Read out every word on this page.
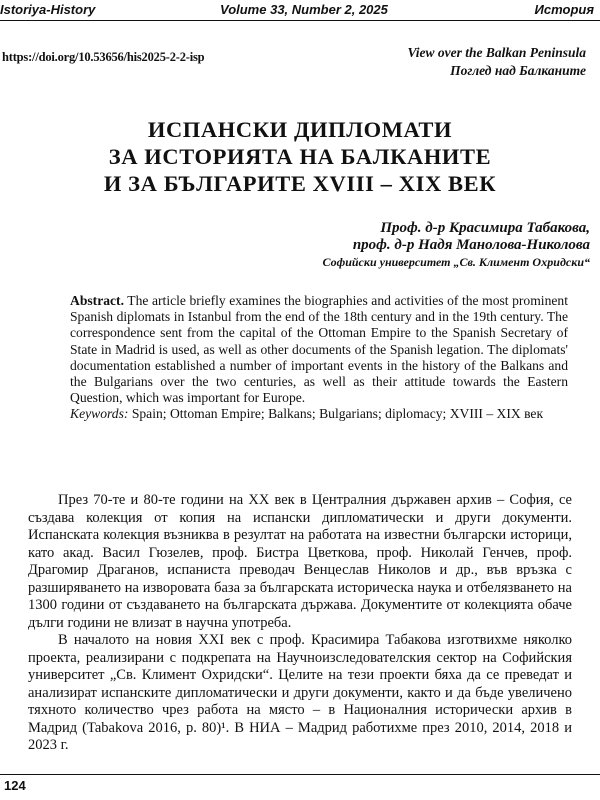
Istoriya-History	Volume 33, Number 2, 2025	История
https://doi.org/10.53656/his2025-2-2-isp	View over the Balkan Peninsula
Поглед над Балканите
ИСПАНСКИ ДИПЛОМАТИ
ЗА ИСТОРИЯТА НА БАЛКАНИТЕ
И ЗА БЪЛГАРИТЕ XVIII – XIX ВЕК
Проф. д-р Красимира Табакова,
проф. д-р Надя Манолова-Николова
Софийски университет „Св. Климент Охридски“
Abstract. The article briefly examines the biographies and activities of the most prominent Spanish diplomats in Istanbul from the end of the 18th century and in the 19th century. The correspondence sent from the capital of the Ottoman Empire to the Spanish Secretary of State in Madrid is used, as well as other documents of the Spanish legation. The diplomats' documentation established a number of important events in the history of the Balkans and the Bulgarians over the two centuries, as well as their attitude towards the Eastern Question, which was important for Europe.
Keywords: Spain; Ottoman Empire; Balkans; Bulgarians; diplomacy; XVIII – XIX век

През 70-те и 80-те години на XX век в Централния държавен архив – София, се създава колекция от копия на испански дипломатически и други документи. Испанската колекция възниква в резултат на работата на известни български историци, като акад. Васил Гюзелев, проф. Бистра Цветкова, проф. Николай Генчев, проф. Драгомир Драганов, испаниста преводач Венцеслав Николов и др., във връзка с разширяването на изворовата база за българската историческа наука и отбелязването на 1300 години от създаването на българската държава. Документите от колекцията обаче дълги години не влизат в научна употреба.

В началото на новия XXI век с проф. Красимира Табакова изготвихме няколко проекта, реализирани с подкрепата на Научноизследователския сектор на Софийския университет „Св. Климент Охридски“. Целите на тези проекти бяха да се преведат и анализират испанските дипломатически и други документи, както и да бъде увеличено тяхното количество чрез работа на място – в Националния исторически архив в Мадрид (Tabakova 2016, p. 80)¹. В НИА – Мадрид работихме през 2010, 2014, 2018 и 2023 г.

124
